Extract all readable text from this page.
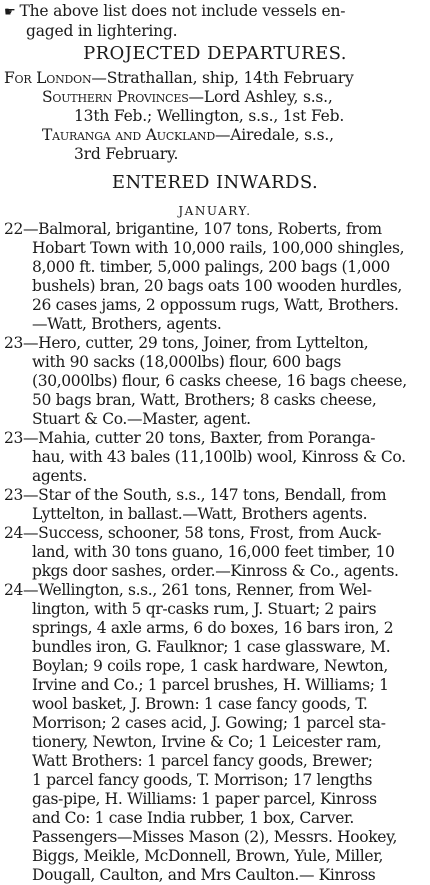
☛ The above list does not include vessels en-
gaged in lightering.
PROJECTED DEPARTURES.
For London—Strathallan, ship, 14th February
Southern Provinces—Lord Ashley, s.s.,
13th Feb.; Wellington, s.s., 1st Feb.
Tauranga and Auckland—Airedale, s.s.,
3rd February.
ENTERED INWARDS.
JANUARY.
22—Balmoral, brigantine, 107 tons, Roberts, from
Hobart Town with 10,000 rails, 100,000 shingles,
8,000 ft. timber, 5,000 palings, 200 bags (1,000
bushels) bran, 20 bags oats 100 wooden hurdles,
26 cases jams, 2 oppossum rugs, Watt, Brothers.
—Watt, Brothers, agents.
23—Hero, cutter, 29 tons, Joiner, from Lyttelton,
with 90 sacks (18,000lbs) flour, 600 bags
(30,000lbs) flour, 6 casks cheese, 16 bags cheese,
50 bags bran, Watt, Brothers; 8 casks cheese,
Stuart & Co.—Master, agent.
23—Mahia, cutter 20 tons, Baxter, from Poranga-
hau, with 43 bales (11,100lb) wool, Kinross & Co.
agents.
23—Star of the South, s.s., 147 tons, Bendall, from
Lyttelton, in ballast.—Watt, Brothers agents.
24—Success, schooner, 58 tons, Frost, from Auck-
land, with 30 tons guano, 16,000 feet timber, 10
pkgs door sashes, order.—Kinross & Co., agents.
24—Wellington, s.s., 261 tons, Renner, from Wel-
lington, with 5 qr-casks rum, J. Stuart; 2 pairs
springs, 4 axle arms, 6 do boxes, 16 bars iron, 2
bundles iron, G. Faulknor; 1 case glassware, M.
Boylan; 9 coils rope, 1 cask hardware, Newton,
Irvine and Co.; 1 parcel brushes, H. Williams; 1
wool basket, J. Brown: 1 case fancy goods, T.
Morrison; 2 cases acid, J. Gowing; 1 parcel sta-
tionery, Newton, Irvine & Co; 1 Leicester ram,
Watt Brothers: 1 parcel fancy goods, Brewer;
1 parcel fancy goods, T. Morrison; 17 lengths
gas-pipe, H. Williams: 1 paper parcel, Kinross
and Co: 1 case India rubber, 1 box, Carver.
Passengers—Misses Mason (2), Messrs. Hookey,
Biggs, Meikle, McDonnell, Brown, Yule, Miller,
Dougall, Caulton, and Mrs Caulton.— Kinross
